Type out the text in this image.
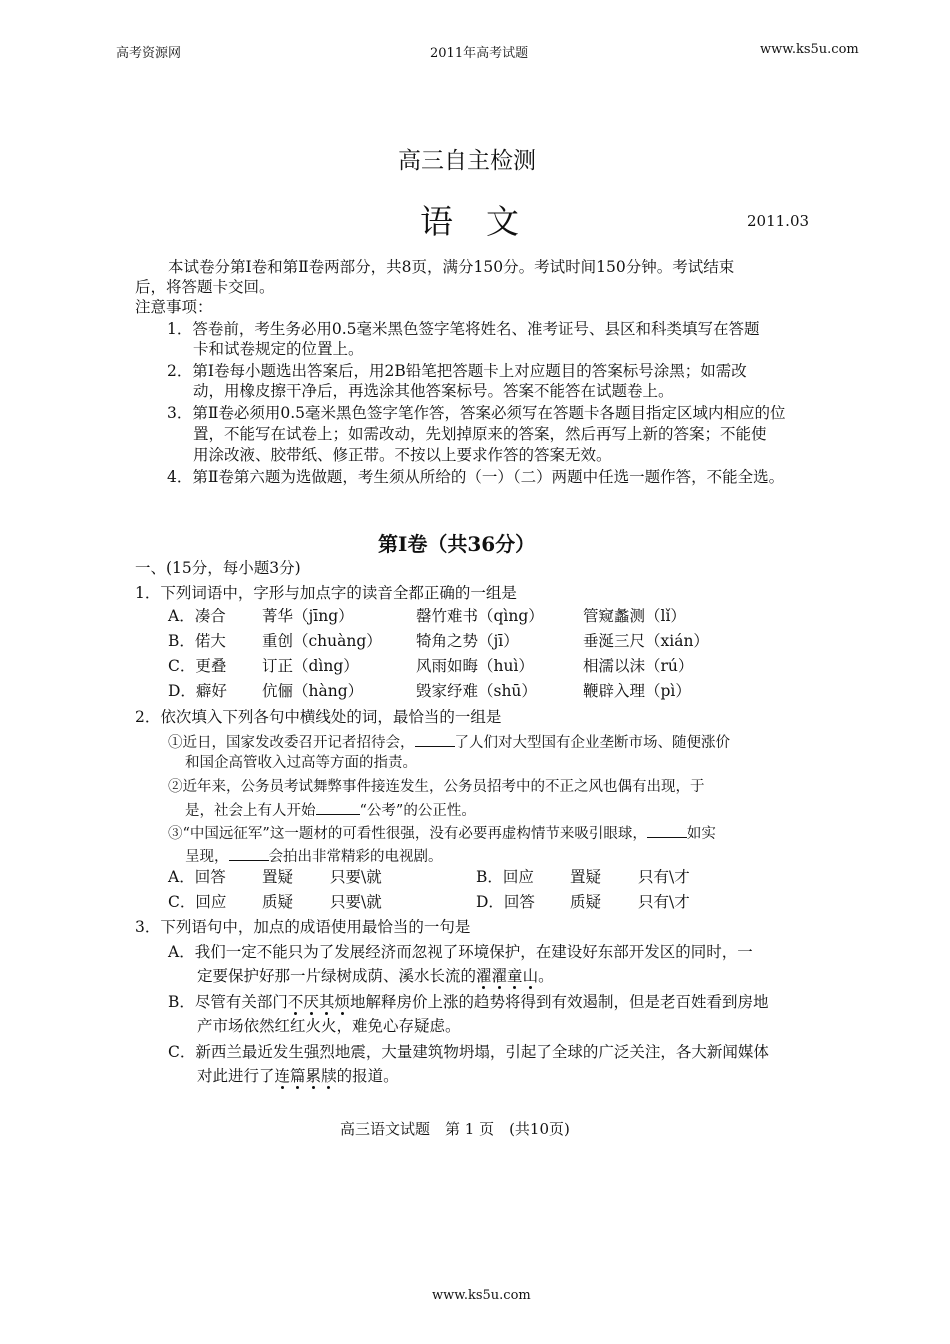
高考资源网	2011年高考试题	www.ks5u.com
高三自主检测
语　文	2011.03
本试卷分第Ⅰ卷和第Ⅱ卷两部分，共8页，满分150分。考试时间150分钟。考试结束
后，将答题卡交回。
注意事项：
1．答卷前，考生务必用0.5毫米黑色签字笔将姓名、准考证号、县区和科类填写在答题
卡和试卷规定的位置上。
2．第Ⅰ卷每小题选出答案后，用2B铅笔把答题卡上对应题目的答案标号涂黑；如需改
动，用橡皮擦干净后，再选涂其他答案标号。答案不能答在试题卷上。
3．第Ⅱ卷必须用0.5毫米黑色签字笔作答，答案必须写在答题卡各题目指定区域内相应的位
置，不能写在试卷上；如需改动，先划掉原来的答案，然后再写上新的答案；不能使
用涂改液、胶带纸、修正带。不按以上要求作答的答案无效。
4．第Ⅱ卷第六题为选做题，考生须从所给的（一）（二）两题中任选一题作答，不能全选。
第Ⅰ卷（共36分）
一、(15分，每小题3分)
1．下列词语中，字形与加点字的读音全都正确的一组是
A．凑合 菁华（jīng）	罄竹难书（qìng）	管窥蠡测（lǐ）
B．偌大 重创（chuàng） 犄角之势（jī）	垂涎三尺（xián）
C．更叠 订正（dìng）	风雨如晦（huì）	相濡以沫（rú）
D．癖好 伉俪（hàng）	毁家纾难（shū）	鞭辟入理（pì）
2．依次填入下列各句中横线处的词，最恰当的一组是
①近日，国家发改委召开记者招待会，	了人们对大型国有企业垄断市场、随便涨价
和国企高管收入过高等方面的指责。
②近年来，公务员考试舞弊事件接连发生，公务员招考中的不正之风也偶有出现，于
是，社会上有人开始	“公考”的公正性。
③“中国远征军”这一题材的可看性很强，没有必要再虚构情节来吸引眼球，	如实
呈现，	会拍出非常精彩的电视剧。
A．回答 置疑 只要\就	B．回应 置疑 只有\才
C．回应 质疑 只要\就	D．回答 质疑 只有\才
3．下列语句中，加点的成语使用最恰当的一句是
A．我们一定不能只为了发展经济而忽视了环境保护，在建设好东部开发区的同时，一
定要保护好那一片绿树成荫、溪水长流的濯濯童山。
B．尽管有关部门不厌其烦地解释房价上涨的趋势将得到有效遏制，但是老百姓看到房地
产市场依然红红火火，难免心存疑虑。
C．新西兰最近发生强烈地震，大量建筑物坍塌，引起了全球的广泛关注，各大新闻媒体
对此进行了连篇累牍的报道。
高三语文试题　第 1 页　(共10页)
www.ks5u.com
